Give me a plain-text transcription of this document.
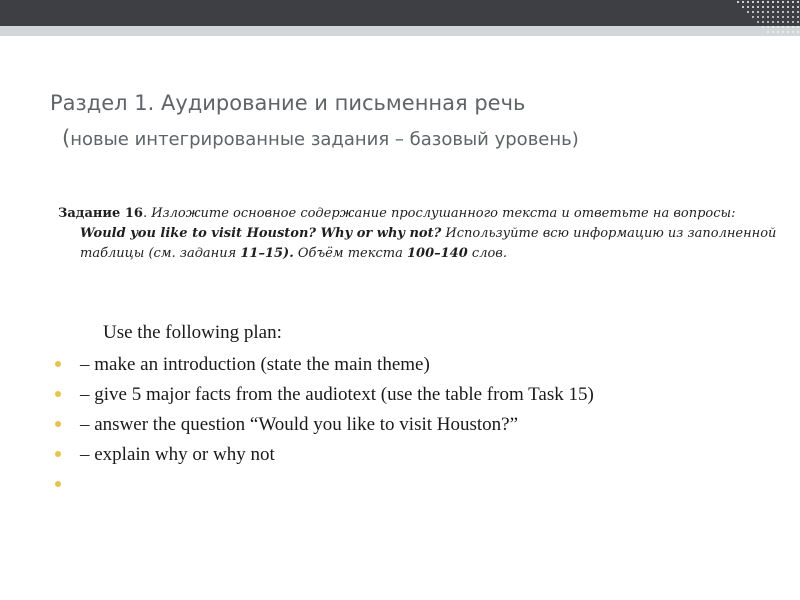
Раздел 1. Аудирование и письменная речь
(новые интегрированные задания – базовый уровень)
Задание 16. Изложите основное содержание прослушанного текста и ответьте на вопросы: Would you like to visit Houston? Why or why not? Используйте всю информацию из заполненной таблицы (см. задания 11–15). Объём текста 100–140 слов.
Use the following plan:
– make an introduction (state the main theme)
– give 5 major facts from the audiotext (use the table from Task 15)
– answer the question “Would you like to visit Houston?”
– explain why or why not
